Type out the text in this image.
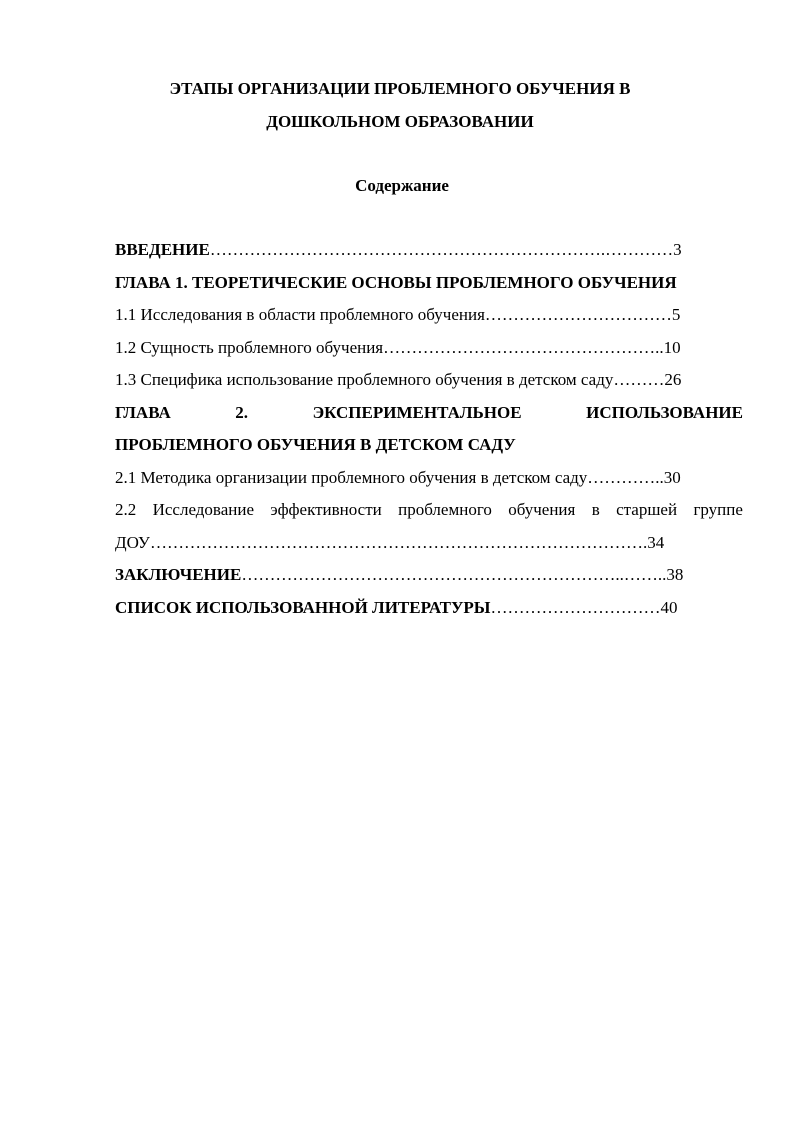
ЭТАПЫ ОРГАНИЗАЦИИ ПРОБЛЕМНОГО ОБУЧЕНИЯ В
ДОШКОЛЬНОМ ОБРАЗОВАНИИ
Содержание
ВВЕДЕНИЕ…………………………………………………………….…………3
ГЛАВА 1. ТЕОРЕТИЧЕСКИЕ ОСНОВЫ ПРОБЛЕМНОГО ОБУЧЕНИЯ
1.1 Исследования в области проблемного обучения……………………………5
1.2 Сущность проблемного обучения…………………………………………..10
1.3 Специфика использование проблемного обучения в детском саду………26
ГЛАВА	2.	ЭКСПЕРИМЕНТАЛЬНОЕ	ИСПОЛЬЗОВАНИЕ
ПРОБЛЕМНОГО ОБУЧЕНИЯ В ДЕТСКОМ САДУ
2.1 Методика организации проблемного обучения в детском саду…………..30
2.2 Исследование эффективности проблемного обучения в старшей группе
ДОУ…………………………………………………………………………….34
ЗАКЛЮЧЕНИЕ…………………………………………………………..……..38
СПИСОК ИСПОЛЬЗОВАННОЙ ЛИТЕРАТУРЫ…………………………40
